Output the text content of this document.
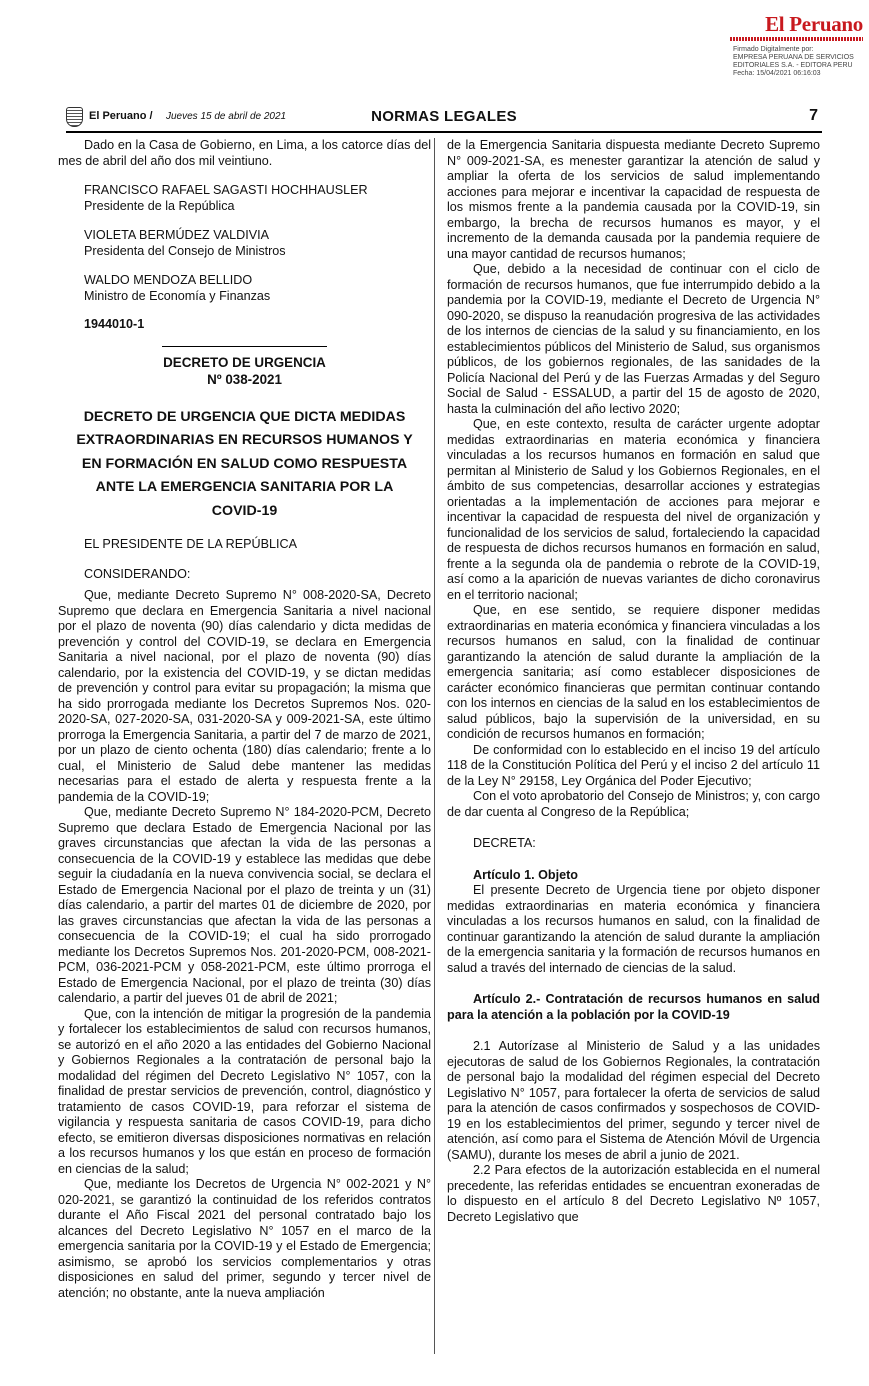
El Peruano
Firmado Digitalmente por:
EMPRESA PERUANA DE SERVICIOS
EDITORIALES S.A. - EDITORA PERU
Fecha: 15/04/2021 06:16:03
El Peruano / Jueves 15 de abril de 2021	NORMAS LEGALES	7

Dado en la Casa de Gobierno, en Lima, a los catorce días del mes de abril del año dos mil veintiuno.

FRANCISCO RAFAEL SAGASTI HOCHHAUSLER
Presidente de la República
VIOLETA BERMÚDEZ VALDIVIA
Presidenta del Consejo de Ministros
WALDO MENDOZA BELLIDO
Ministro de Economía y Finanzas
1944010-1
DECRETO DE URGENCIA
Nº 038-2021
DECRETO DE URGENCIA QUE DICTA MEDIDAS
EXTRAORDINARIAS EN RECURSOS HUMANOS Y
EN FORMACIÓN EN SALUD COMO RESPUESTA
ANTE LA EMERGENCIA SANITARIA POR LA
COVID-19
EL PRESIDENTE DE LA REPÚBLICA
CONSIDERANDO:

Que, mediante Decreto Supremo N° 008-2020-SA, Decreto Supremo que declara en Emergencia Sanitaria a nivel nacional por el plazo de noventa (90) días calendario y dicta medidas de prevención y control del COVID-19, se declara en Emergencia Sanitaria a nivel nacional, por el plazo de noventa (90) días calendario, por la existencia del COVID-19, y se dictan medidas de prevención y control para evitar su propagación; la misma que ha sido prorrogada mediante los Decretos Supremos Nos. 020-2020-SA, 027-2020-SA, 031-2020-SA y 009-2021-SA, este último prorroga la Emergencia Sanitaria, a partir del 7 de marzo de 2021, por un plazo de ciento ochenta (180) días calendario; frente a lo cual, el Ministerio de Salud debe mantener las medidas necesarias para el estado de alerta y respuesta frente a la pandemia de la COVID-19;

Que, mediante Decreto Supremo N° 184-2020-PCM, Decreto Supremo que declara Estado de Emergencia Nacional por las graves circunstancias que afectan la vida de las personas a consecuencia de la COVID-19 y establece las medidas que debe seguir la ciudadanía en la nueva convivencia social, se declara el Estado de Emergencia Nacional por el plazo de treinta y un (31) días calendario, a partir del martes 01 de diciembre de 2020, por las graves circunstancias que afectan la vida de las personas a consecuencia de la COVID-19; el cual ha sido prorrogado mediante los Decretos Supremos Nos. 201-2020-PCM, 008-2021-PCM, 036-2021-PCM y 058-2021-PCM, este último prorroga el Estado de Emergencia Nacional, por el plazo de treinta (30) días calendario, a partir del jueves 01 de abril de 2021;

Que, con la intención de mitigar la progresión de la pandemia y fortalecer los establecimientos de salud con recursos humanos, se autorizó en el año 2020 a las entidades del Gobierno Nacional y Gobiernos Regionales a la contratación de personal bajo la modalidad del régimen del Decreto Legislativo N° 1057, con la finalidad de prestar servicios de prevención, control, diagnóstico y tratamiento de casos COVID-19, para reforzar el sistema de vigilancia y respuesta sanitaria de casos COVID-19, para dicho efecto, se emitieron diversas disposiciones normativas en relación a los recursos humanos y los que están en proceso de formación en ciencias de la salud;

Que, mediante los Decretos de Urgencia N° 002-2021 y N° 020-2021, se garantizó la continuidad de los referidos contratos durante el Año Fiscal 2021 del personal contratado bajo los alcances del Decreto Legislativo N° 1057 en el marco de la emergencia sanitaria por la COVID-19 y el Estado de Emergencia; asimismo, se aprobó los servicios complementarios y otras disposiciones en salud del primer, segundo y tercer nivel de atención; no obstante, ante la nueva ampliación

de la Emergencia Sanitaria dispuesta mediante Decreto Supremo N° 009-2021-SA, es menester garantizar la atención de salud y ampliar la oferta de los servicios de salud implementando acciones para mejorar e incentivar la capacidad de respuesta de los mismos frente a la pandemia causada por la COVID-19, sin embargo, la brecha de recursos humanos es mayor, y el incremento de la demanda causada por la pandemia requiere de una mayor cantidad de recursos humanos;

Que, debido a la necesidad de continuar con el ciclo de formación de recursos humanos, que fue interrumpido debido a la pandemia por la COVID-19, mediante el Decreto de Urgencia N° 090-2020, se dispuso la reanudación progresiva de las actividades de los internos de ciencias de la salud y su financiamiento, en los establecimientos públicos del Ministerio de Salud, sus organismos públicos, de los gobiernos regionales, de las sanidades de la Policía Nacional del Perú y de las Fuerzas Armadas y del Seguro Social de Salud - ESSALUD, a partir del 15 de agosto de 2020, hasta la culminación del año lectivo 2020;

Que, en este contexto, resulta de carácter urgente adoptar medidas extraordinarias en materia económica y financiera vinculadas a los recursos humanos en formación en salud que permitan al Ministerio de Salud y los Gobiernos Regionales, en el ámbito de sus competencias, desarrollar acciones y estrategias orientadas a la implementación de acciones para mejorar e incentivar la capacidad de respuesta del nivel de organización y funcionalidad de los servicios de salud, fortaleciendo la capacidad de respuesta de dichos recursos humanos en formación en salud, frente a la segunda ola de pandemia o rebrote de la COVID-19, así como a la aparición de nuevas variantes de dicho coronavirus en el territorio nacional;

Que, en ese sentido, se requiere disponer medidas extraordinarias en materia económica y financiera vinculadas a los recursos humanos en salud, con la finalidad de continuar garantizando la atención de salud durante la ampliación de la emergencia sanitaria; así como establecer disposiciones de carácter económico financieras que permitan continuar contando con los internos en ciencias de la salud en los establecimientos de salud públicos, bajo la supervisión de la universidad, en su condición de recursos humanos en formación;

De conformidad con lo establecido en el inciso 19 del artículo 118 de la Constitución Política del Perú y el inciso 2 del artículo 11 de la Ley N° 29158, Ley Orgánica del Poder Ejecutivo;

Con el voto aprobatorio del Consejo de Ministros; y, con cargo de dar cuenta al Congreso de la República;

DECRETA:

Artículo 1. Objeto

El presente Decreto de Urgencia tiene por objeto disponer medidas extraordinarias en materia económica y financiera vinculadas a los recursos humanos en salud, con la finalidad de continuar garantizando la atención de salud durante la ampliación de la emergencia sanitaria y la formación de recursos humanos en salud a través del internado de ciencias de la salud.

Artículo 2.- Contratación de recursos humanos en salud para la atención a la población por la COVID-19

2.1 Autorízase al Ministerio de Salud y a las unidades ejecutoras de salud de los Gobiernos Regionales, la contratación de personal bajo la modalidad del régimen especial del Decreto Legislativo N° 1057, para fortalecer la oferta de servicios de salud para la atención de casos confirmados y sospechosos de COVID-19 en los establecimientos del primer, segundo y tercer nivel de atención, así como para el Sistema de Atención Móvil de Urgencia (SAMU), durante los meses de abril a junio de 2021.

2.2 Para efectos de la autorización establecida en el numeral precedente, las referidas entidades se encuentran exoneradas de lo dispuesto en el artículo 8 del Decreto Legislativo Nº 1057, Decreto Legislativo que
